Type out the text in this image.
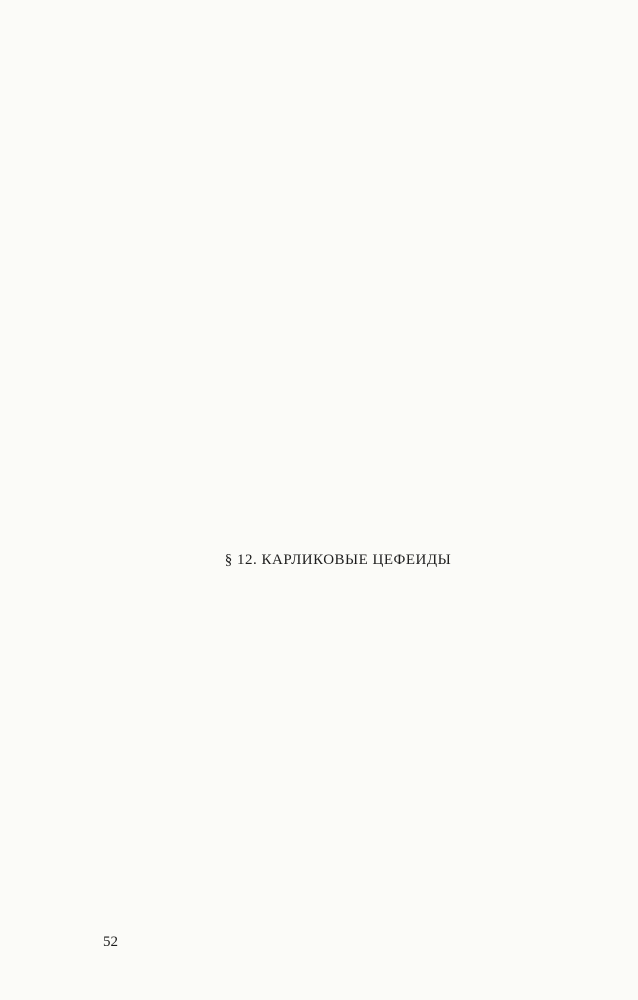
§ 12. КАРЛИКОВЫЕ ЦЕФЕИДЫ
52
